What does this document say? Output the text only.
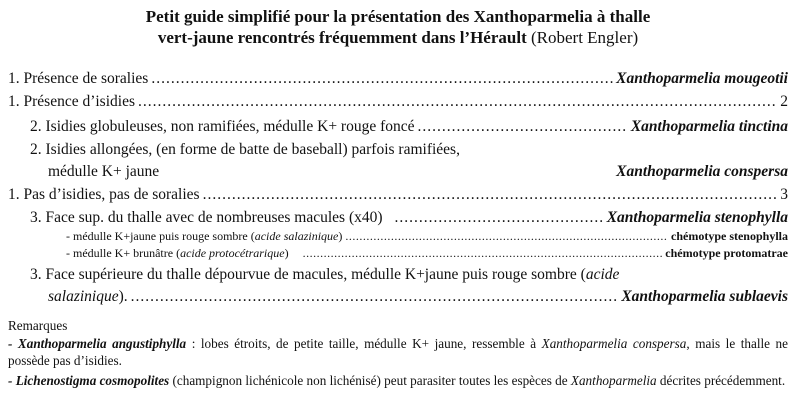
Petit guide simplifié pour la présentation des Xanthoparmelia à thalle
vert-jaune rencontrés fréquemment dans l’Hérault (Robert Engler)
1. Présence de soralies .....	Xanthoparmelia mougeotii
1. Présence d’isidies .....	2
2. Isidies globuleuses, non ramifiées, médulle K+ rouge foncé .....	Xanthoparmelia tinctina
2. Isidies allongées, (en forme de batte de baseball) parfois ramifiées,
médulle K+ jaune	Xanthoparmelia conspersa
1. Pas d’isidies, pas de soralies .....	3
3. Face sup. du thalle avec de nombreuses macules (x40) .....	Xanthoparmelia stenophylla
- médulle K+jaune puis rouge sombre (acide salazinique) .....	chémotype stenophylla
- médulle K+ brunâtre (acide protocétrarique) .....	chémotype protomatrae
3. Face supérieure du thalle dépourvue de macules, médulle K+jaune puis rouge sombre (acide
salazinique). .....	Xanthoparmelia sublaevis
Remarques
- Xanthoparmelia angustiphylla : lobes étroits, de petite taille, médulle K+ jaune, ressemble à Xanthoparmelia conspersa, mais le thalle ne possède pas d’isidies.
- Lichenostigma cosmopolites (champignon lichénicole non lichénisé) peut parasiter toutes les espèces de Xanthoparmelia décrites précédemment.
